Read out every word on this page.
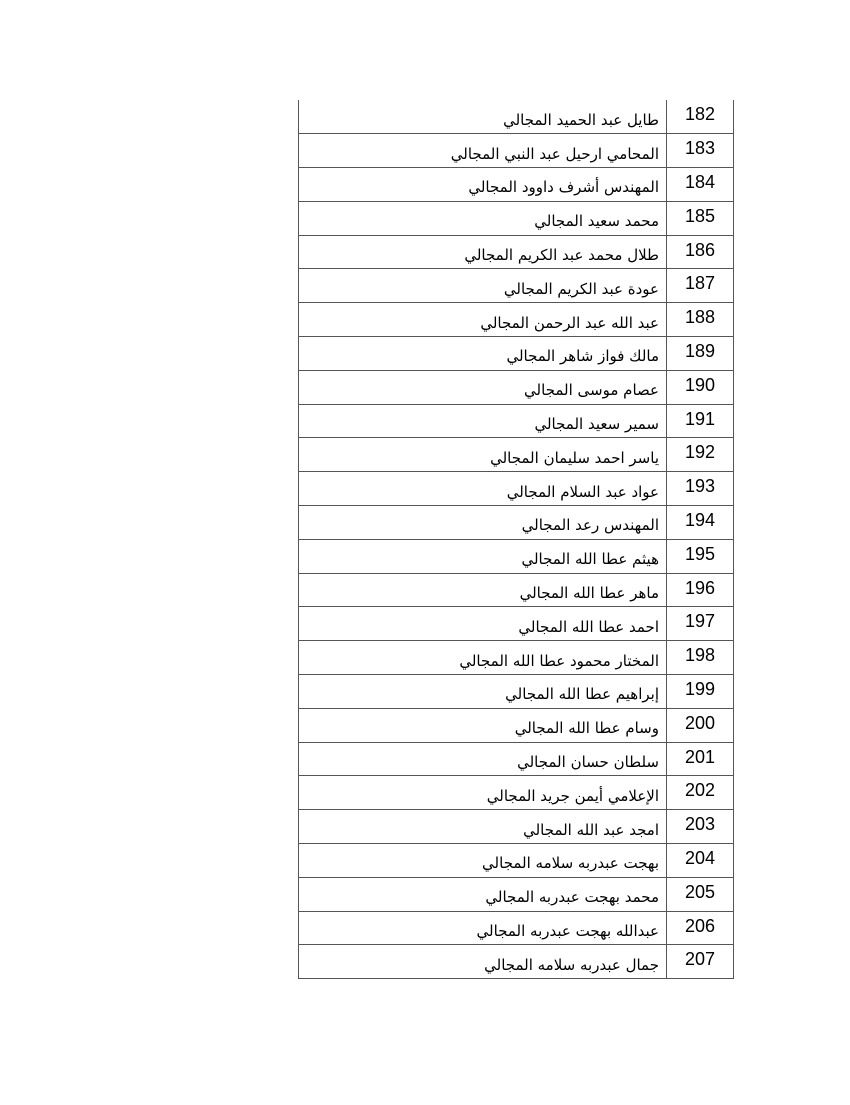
طايل عبد الحميد المجالي	182
المحامي ارحيل عبد النبي المجالي	183
المهندس أشرف داوود المجالي	184
محمد سعيد المجالي	185
طلال محمد عبد الكريم المجالي	186
عودة عبد الكريم المجالي	187
عبد الله عبد الرحمن المجالي	188
مالك فواز شاهر المجالي	189
عصام موسى المجالي	190
سمير سعيد المجالي	191
ياسر احمد سليمان المجالي	192
عواد عبد السلام المجالي	193
المهندس رعد المجالي	194
هيثم عطا الله المجالي	195
ماهر عطا الله المجالي	196
احمد عطا الله المجالي	197
المختار محمود عطا الله المجالي	198
إبراهيم عطا الله المجالي	199
وسام عطا الله المجالي	200
سلطان حسان المجالي	201
الإعلامي أيمن جريد المجالي	202
امجد عبد الله المجالي	203
بهجت عبدربه سلامه المجالي	204
محمد بهجت عبدربه المجالي	205
عبدالله بهجت عبدربه المجالي	206
جمال عبدربه سلامه المجالي	207
